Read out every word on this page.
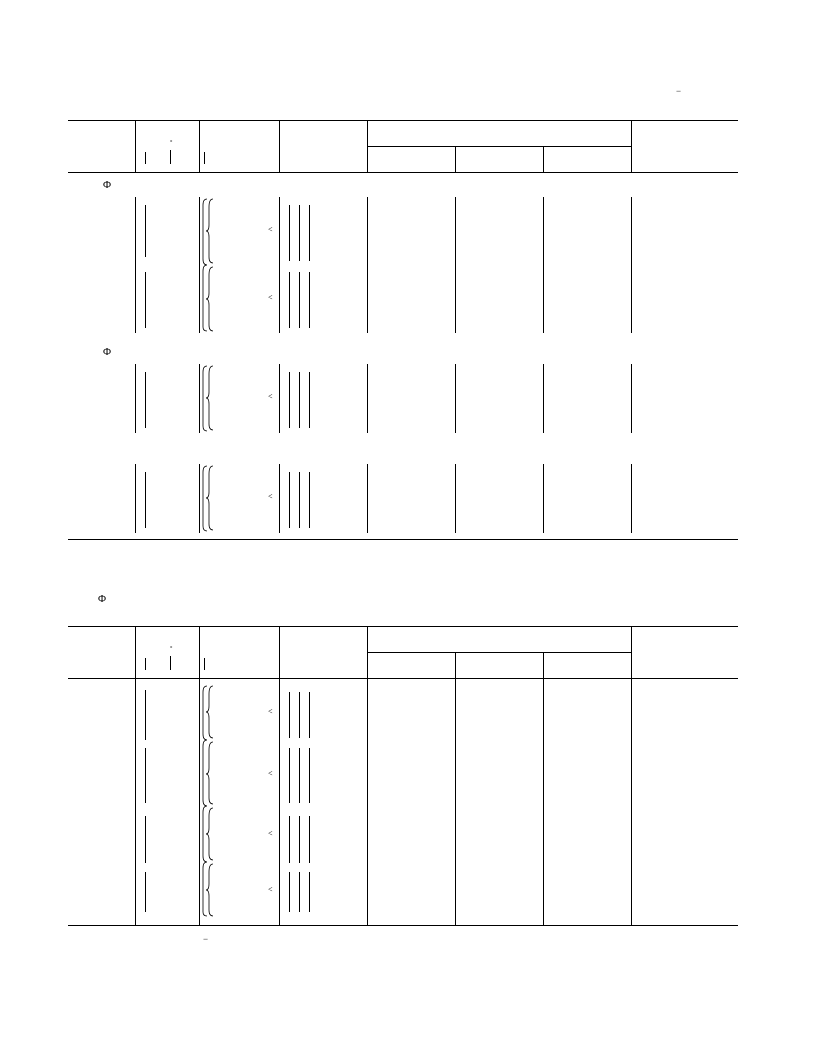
−
°
Φ
<
<
Φ
<
<
Φ
°
<
<
<
<
−
